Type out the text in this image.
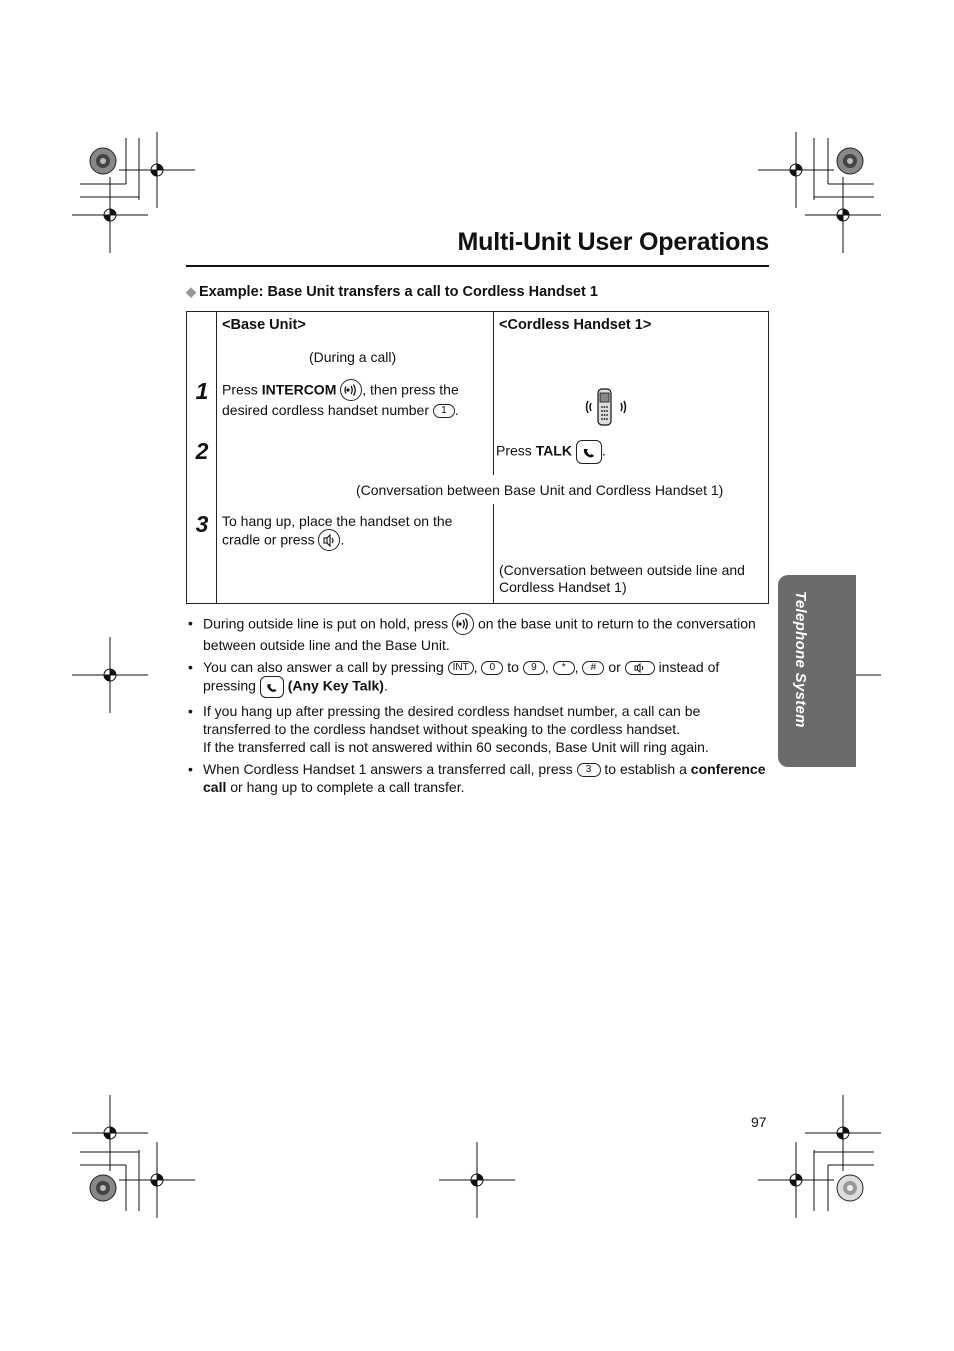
Multi-Unit User Operations
◆ Example: Base Unit transfers a call to Cordless Handset 1
<Base Unit>	<Cordless Handset 1>
(During a call)
1
2
3
Press INTERCOM , then press the desired cordless handset number 1 .
Press TALK .
(Conversation between Base Unit and Cordless Handset 1)
To hang up, place the handset on the cradle or press .
(Conversation between outside line and Cordless Handset 1)
• During outside line is put on hold, press on the base unit to return to the conversation between outside line and the Base Unit.
• You can also answer a call by pressing INT , 0 to 9 , * , # or	instead of pressing (Any Key Talk).
• If you hang up after pressing the desired cordless handset number, a call can be transferred to the cordless handset without speaking to the cordless handset.
If the transferred call is not answered within 60 seconds, Base Unit will ring again.
• When Cordless Handset 1 answers a transferred call, press 3 to establish a conference call or hang up to complete a call transfer.
Telephone System
97
